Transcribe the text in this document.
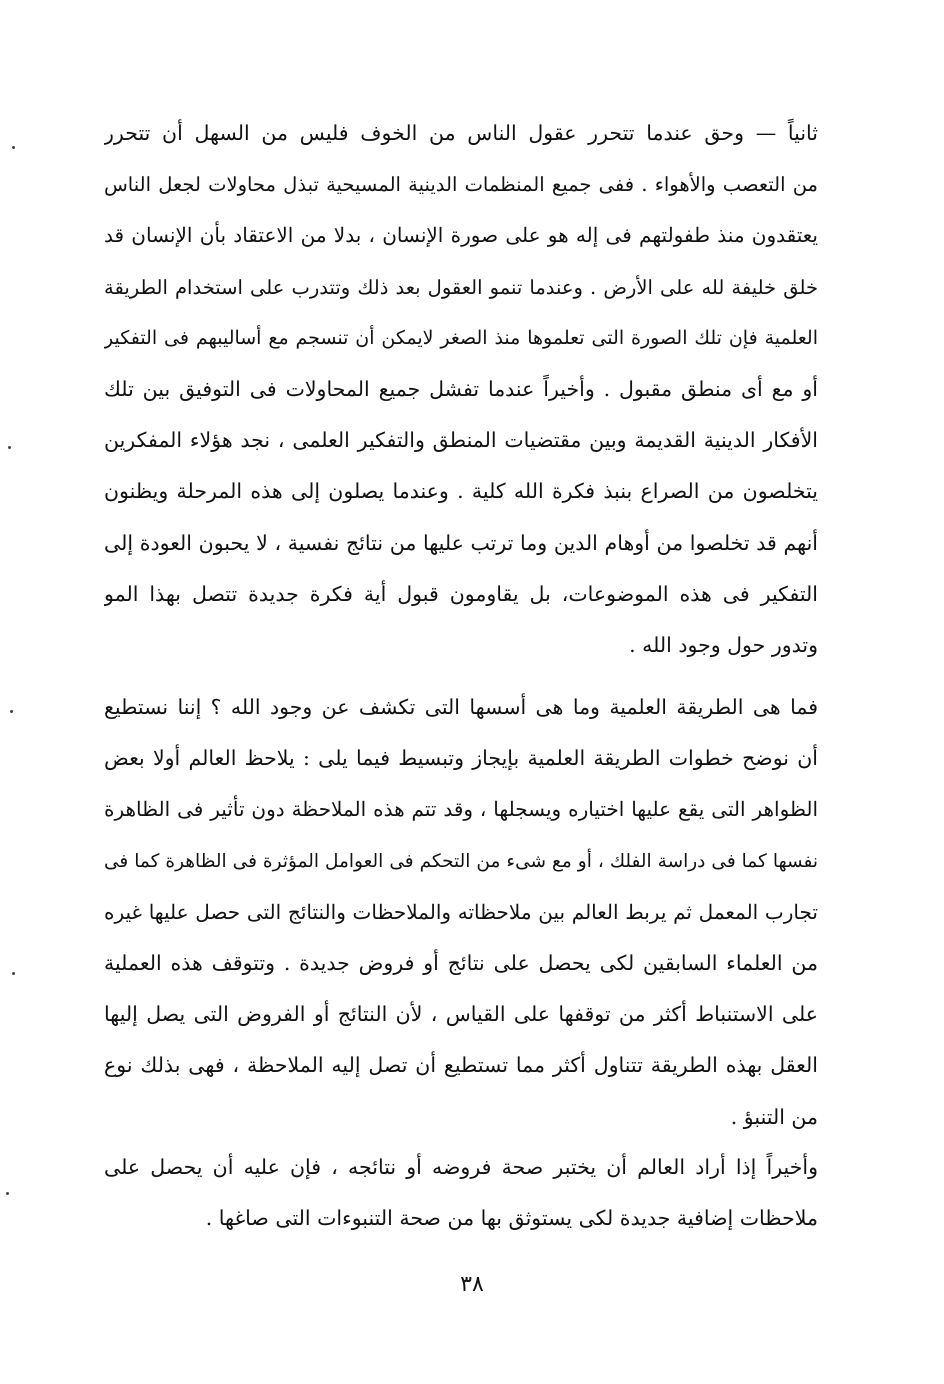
ثانياً — وحق عندما تتحرر عقول الناس من الخوف فليس من السهل أن تتحرر
من التعصب والأهواء . ففى جميع المنظمات الدينية المسيحية تبذل محاولات لجعل الناس
يعتقدون منذ طفولتهم فى إله هو على صورة الإنسان ، بدلا من الاعتقاد بأن الإنسان قد
خلق خليفة لله على الأرض . وعندما تنمو العقول بعد ذلك وتتدرب على استخدام الطريقة
العلمية فإن تلك الصورة التى تعلموها منذ الصغر لايمكن أن تنسجم مع أساليبهم فى التفكير
أو مع أى منطق مقبول . وأخيراً عندما تفشل جميع المحاولات فى التوفيق بين تلك
الأفكار الدينية القديمة وبين مقتضيات المنطق والتفكير العلمى ، نجد هؤلاء المفكرين
يتخلصون من الصراع بنبذ فكرة الله كلية . وعندما يصلون إلى هذه المرحلة ويظنون
أنهم قد تخلصوا من أوهام الدين وما ترتب عليها من نتائج نفسية ، لا يحبون العودة إلى
التفكير فى هذه الموضوعات، بل يقاومون قبول أية فكرة جديدة تتصل بهذا المو
وتدور حول وجود الله .
فما هى الطريقة العلمية وما هى أسسها التى تكشف عن وجود الله ؟ إننا نستطيع
أن نوضح خطوات الطريقة العلمية بإيجاز وتبسيط فيما يلى : يلاحظ العالم أولا بعض
الظواهر التى يقع عليها اختياره ويسجلها ، وقد تتم هذه الملاحظة دون تأثير فى الظاهرة
نفسها كما فى دراسة الفلك ، أو مع شىء من التحكم فى العوامل المؤثرة فى الظاهرة كما فى
تجارب المعمل ثم يربط العالم بين ملاحظاته والملاحظات والنتائج التى حصل عليها غيره
من العلماء السابقين لكى يحصل على نتائج أو فروض جديدة . وتتوقف هذه العملية
على الاستنباط أكثر من توقفها على القياس ، لأن النتائج أو الفروض التى يصل إليها
العقل بهذه الطريقة تتناول أكثر مما تستطيع أن تصل إليه الملاحظة ، فهى بذلك نوع
من التنبؤ .
وأخيراً إذا أراد العالم أن يختبر صحة فروضه أو نتائجه ، فإن عليه أن يحصل على
ملاحظات إضافية جديدة لكى يستوثق بها من صحة التنبوءات التى صاغها .
٣٨
